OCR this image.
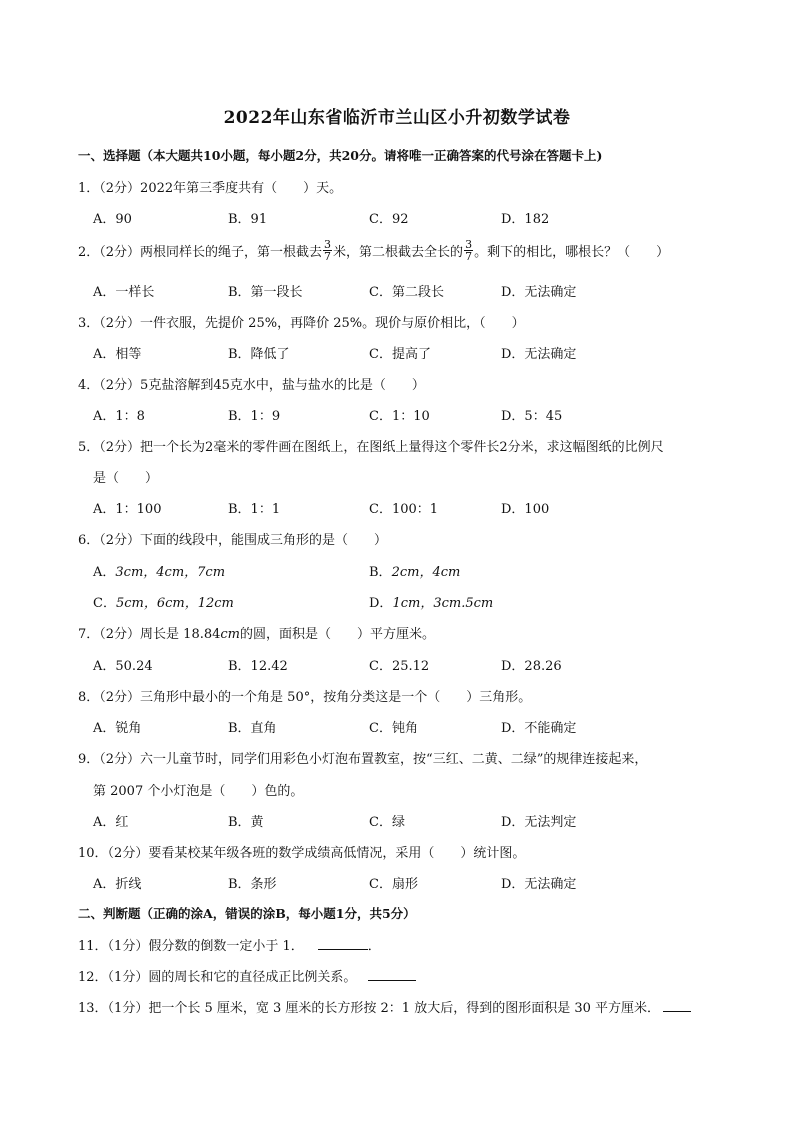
2022年山东省临沂市兰山区小升初数学试卷
一、选择题（本大题共10小题，每小题2分，共20分。请将唯一正确答案的代号涂在答题卡上)
1．（2分）2022年第三季度共有（　　）天。
A．90	B．91	C．92	D．182
2．（2分）两根同样长的绳子，第一根截去 $\frac{3}{7}$ 米，第二根截去全长的 $\frac{3}{7}$ 。剩下的相比，哪根长？（　　）
A．一样长	B．第一段长	C．第二段长	D．无法确定
3．（2分）一件衣服，先提价 25%，再降价 25%。现价与原价相比，（　　）
A．相等	B．降低了	C．提高了	D．无法确定
4．（2分）5克盐溶解到45克水中，盐与盐水的比是（　　）
A．1：8	B．1：9	C．1：10	D．5：45
5．（2分）把一个长为2毫米的零件画在图纸上，在图纸上量得这个零件长2分米，求这幅图纸的比例尺
是（　　）
A．1：100	B．1：1	C．100：1	D．100
6．（2分）下面的线段中，能围成三角形的是（　　）
A．3cm，4cm，7cm	B．2cm，4cm
C．5cm，6cm，12cm	D．1cm，3cm.5cm
7．（2分）周长是 18.84cm的圆，面积是（　　）平方厘米。
A．50.24	B．12.42	C．25.12	D．28.26
8．（2分）三角形中最小的一个角是 50°，按角分类这是一个（　　）三角形。
A．锐角	B．直角	C．钝角	D．不能确定
9．（2分）六一儿童节时，同学们用彩色小灯泡布置教室，按“三红、二黄、二绿”的规律连接起来，
第 2007 个小灯泡是（　　）色的。
A．红	B．黄	C．绿	D．无法判定
10．（2分）要看某校某年级各班的数学成绩高低情况，采用（　　）统计图。
A．折线	B．条形	C．扇形	D．无法确定
二、判断题（正确的涂A，错误的涂B，每小题1分，共5分）
11．（1分）假分数的倒数一定小于 1．	．
12．（1分）圆的周长和它的直径成正比例关系。
13．（1分）把一个长 5 厘米，宽 3 厘米的长方形按 2：1 放大后，得到的图形面积是 30 平方厘米．
